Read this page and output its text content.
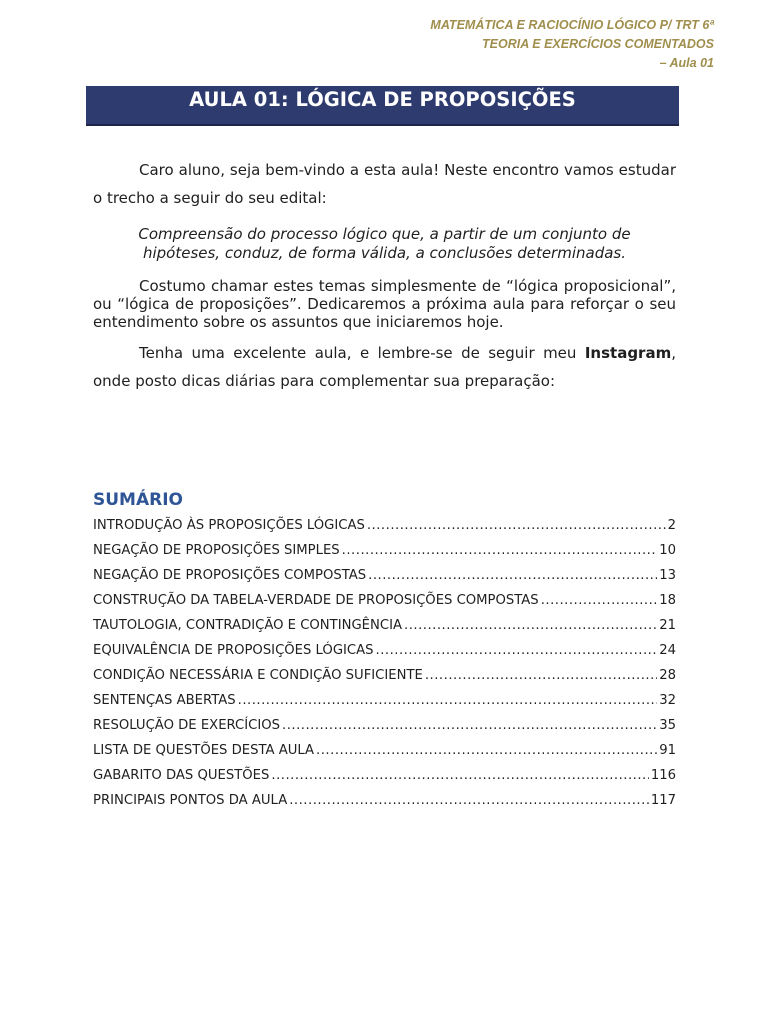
MATEMÁTICA E RACIOCÍNIO LÓGICO P/ TRT 6ª
TEORIA E EXERCÍCIOS COMENTADOS
– Aula 01
AULA 01: LÓGICA DE PROPOSIÇÕES

Caro aluno, seja bem-vindo a esta aula! Neste encontro vamos estudar o trecho a seguir do seu edital:

Compreensão do processo lógico que, a partir de um conjunto de hipóteses, conduz, de forma válida, a conclusões determinadas.

Costumo chamar estes temas simplesmente de “lógica proposicional”, ou “lógica de proposições”. Dedicaremos a próxima aula para reforçar o seu entendimento sobre os assuntos que iniciaremos hoje.

Tenha uma excelente aula, e lembre-se de seguir meu Instagram, onde posto dicas diárias para complementar sua preparação:

SUMÁRIO
INTRODUÇÃO ÀS PROPOSIÇÕES LÓGICAS .....	2
NEGAÇÃO DE PROPOSIÇÕES SIMPLES .....	10
NEGAÇÃO DE PROPOSIÇÕES COMPOSTAS .....	13
CONSTRUÇÃO DA TABELA-VERDADE DE PROPOSIÇÕES COMPOSTAS .....	18
TAUTOLOGIA, CONTRADIÇÃO E CONTINGÊNCIA .....	21
EQUIVALÊNCIA DE PROPOSIÇÕES LÓGICAS .....	24
CONDIÇÃO NECESSÁRIA E CONDIÇÃO SUFICIENTE .....	28
SENTENÇAS ABERTAS .....	32
RESOLUÇÃO DE EXERCÍCIOS .....	35
LISTA DE QUESTÕES DESTA AULA .....	91
GABARITO DAS QUESTÕES .....	116
PRINCIPAIS PONTOS DA AULA .....	117
